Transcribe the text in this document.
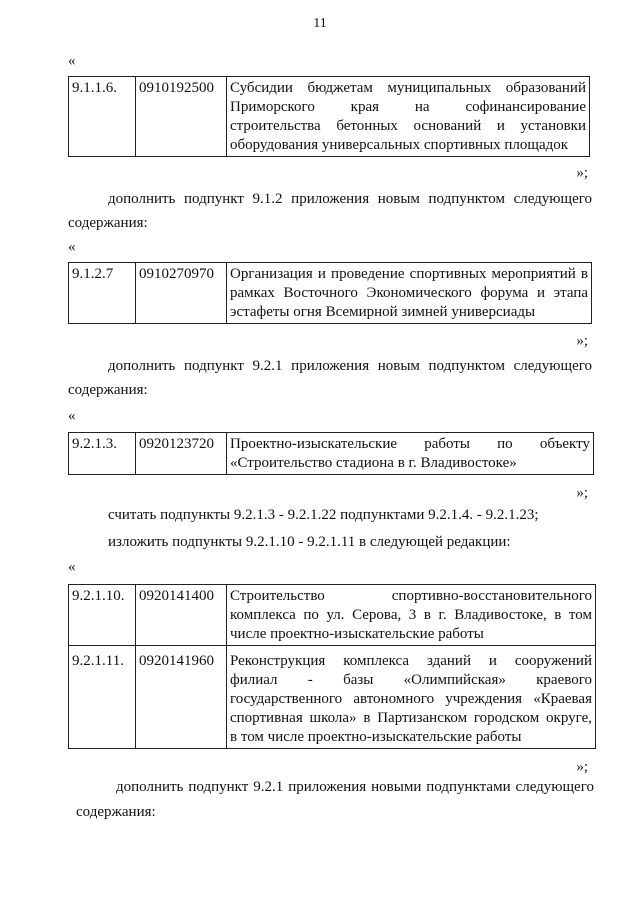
11
«
9.1.1.6.	0910192500	Субсидии бюджетам муниципальных образований
Приморского края на софинансирование
строительства бетонных оснований и установки
оборудования универсальных спортивных площадок
»;

дополнить подпункт 9.1.2 приложения новым подпунктом следующего

содержания:

«
9.1.2.7	0910270970	Организация и проведение спортивных мероприятий в
рамках Восточного Экономического форума и этапа
эстафеты огня Всемирной зимней универсиады
»;

дополнить подпункт 9.2.1 приложения новым подпунктом следующего

содержания:

«
9.2.1.3.	0920123720	Проектно-изыскательские работы по объекту
«Строительство стадиона в г. Владивостоке»
»;
считать подпункты 9.2.1.3 - 9.2.1.22 подпунктами 9.2.1.4. - 9.2.1.23;
изложить подпункты 9.2.1.10 - 9.2.1.11 в следующей редакции:
«
9.2.1.10.	0920141400	Строительство спортивно-восстановительного
комплекса по ул. Серова, 3 в г. Владивостоке, в том
числе проектно-изыскательские работы

9.2.1.11.	0920141960	Реконструкция комплекса зданий и сооружений
филиал - базы «Олимпийская» краевого
государственного автономного учреждения «Краевая
спортивная школа» в Партизанском городском округе,
в том числе проектно-изыскательские работы
»;

дополнить подпункт 9.2.1 приложения новыми подпунктами следующего

содержания:
